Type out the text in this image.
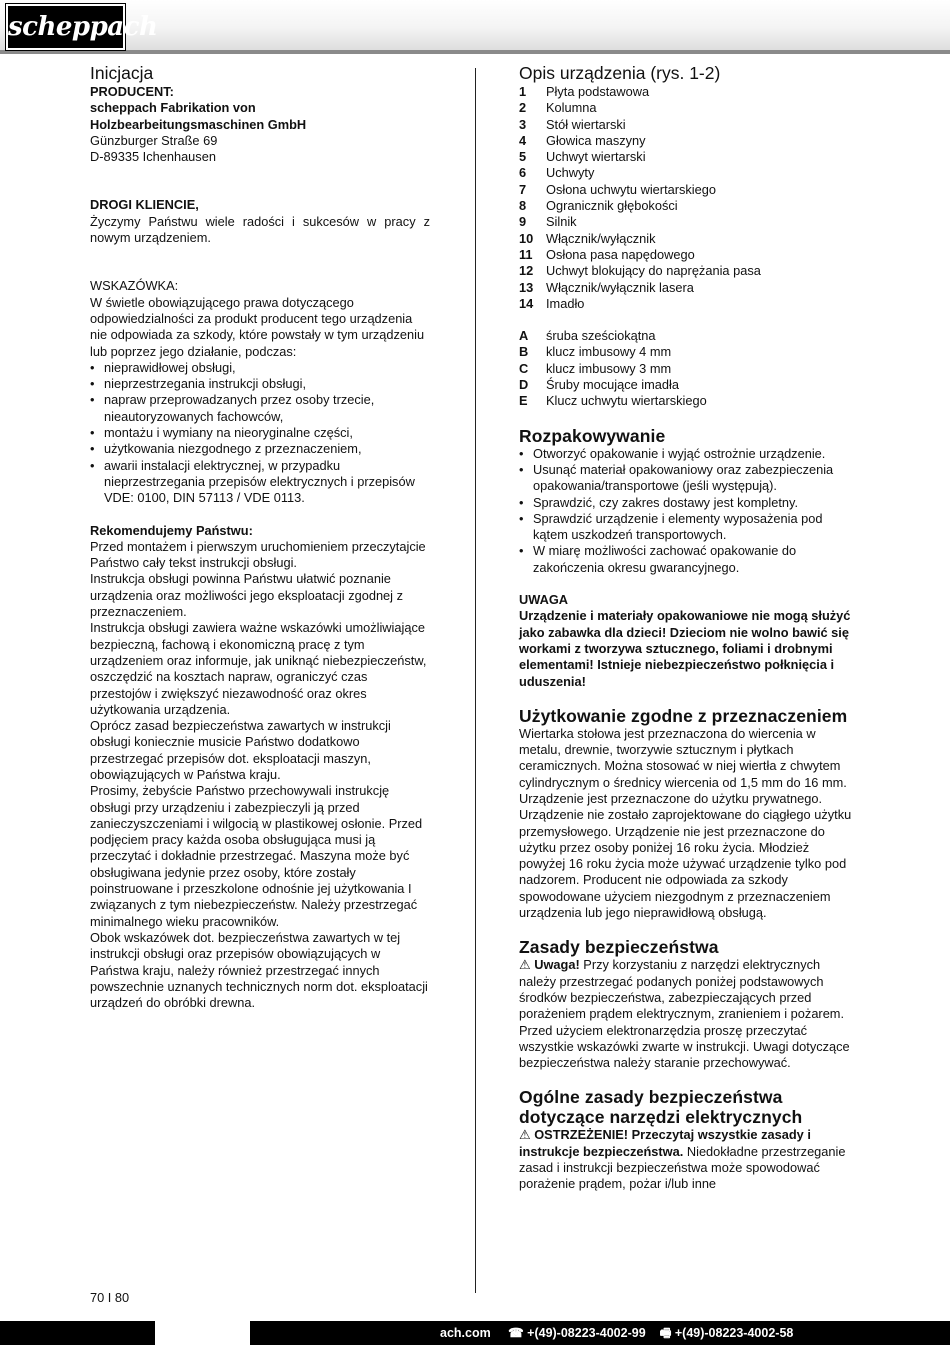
scheppach
Inicjacja

PRODUCENT:

scheppach Fabrikation von

Holzbearbeitungsmaschinen GmbH

Günzburger Straße 69

D-89335 Ichenhausen

DROGI KLIENCIE,

Życzymy Państwu wiele radości i sukcesów w pracy z nowym urządzeniem.

WSKAZÓWKA:

W świetle obowiązującego prawa dotyczącego odpowiedzialności za produkt producent tego urządzenia nie odpowiada za szkody, które powstały w tym urządzeniu lub poprzez jego działanie, podczas:

• nieprawidłowej obsługi,
• nieprzestrzegania instrukcji obsługi,
• napraw przeprowadzanych przez osoby trzecie, nieautoryzowanych fachowców,
• montażu i wymiany na nieoryginalne części,
• użytkowania niezgodnego z przeznaczeniem,
• awarii instalacji elektrycznej, w przypadku nieprzestrzegania przepisów elektrycznych i przepisów VDE: 0100, DIN 57113 / VDE 0113.

Rekomendujemy Państwu:

Przed montażem i pierwszym uruchomieniem przeczytajcie Państwo cały tekst instrukcji obsługi.

Instrukcja obsługi powinna Państwu ułatwić poznanie urządzenia oraz możliwości jego eksploatacji zgodnej z przeznaczeniem.

Instrukcja obsługi zawiera ważne wskazówki umożliwiające bezpieczną, fachową i ekonomiczną pracę z tym urządzeniem oraz informuje, jak uniknąć niebezpieczeństw, oszczędzić na kosztach napraw, ograniczyć czas przestojów i zwiększyć niezawodność oraz okres użytkowania urządzenia.

Oprócz zasad bezpieczeństwa zawartych w instrukcji obsługi koniecznie musicie Państwo dodatkowo przestrzegać przepisów dot. eksploatacji maszyn, obowiązujących w Państwa kraju.

Prosimy, żebyście Państwo przechowywali instrukcję obsługi przy urządzeniu i zabezpieczyli ją przed zanieczyszczeniami i wilgocią w plastikowej osłonie. Przed podjęciem pracy każda osoba obsługująca musi ją przeczytać i dokładnie przestrzegać. Maszyna może być obsługiwana jedynie przez osoby, które zostały poinstruowane i przeszkolone odnośnie jej użytkowania I związanych z tym niebezpieczeństw. Należy przestrzegać minimalnego wieku pracowników.

Obok wskazówek dot. bezpieczeństwa zawartych w tej instrukcji obsługi oraz przepisów obowiązujących w Państwa kraju, należy również przestrzegać innych powszechnie uznanych technicznych norm dot. eksploatacji urządzeń do obróbki drewna.

Opis urządzenia (rys. 1-2)
1	Płyta podstawowa
2	Kolumna
3	Stół wiertarski
4	Głowica maszyny
5	Uchwyt wiertarski
6	Uchwyty
7	Osłona uchwytu wiertarskiego
8	Ogranicznik głębokości
9	Silnik
10 Włącznik/wyłącznik
11	Osłona pasa napędowego
12 Uchwyt blokujący do naprężania pasa
13 Włącznik/wyłącznik lasera
14 Imadło
A	śruba sześciokątna
B	klucz imbusowy 4 mm
C	klucz imbusowy 3 mm
D	Śruby mocujące imadła
E	Klucz uchwytu wiertarskiego
Rozpakowywanie
• Otworzyć opakowanie i wyjąć ostrożnie urządzenie.
• Usunąć materiał opakowaniowy oraz zabezpieczenia opakowania/transportowe (jeśli występują).
• Sprawdzić, czy zakres dostawy jest kompletny.
• Sprawdzić urządzenie i elementy wyposażenia pod kątem uszkodzeń transportowych.
• W miarę możliwości zachować opakowanie do zakończenia okresu gwarancyjnego.

UWAGA

Urządzenie i materiały opakowaniowe nie mogą służyć jako zabawka dla dzieci! Dzieciom nie wolno bawić się workami z tworzywa sztucznego, foliami i drobnymi elementami! Istnieje niebezpieczeństwo połknięcia i uduszenia!

Użytkowanie zgodne z przeznaczeniem

Wiertarka stołowa jest przeznaczona do wiercenia w metalu, drewnie, tworzywie sztucznym i płytkach ceramicznych. Można stosować w niej wiertła z chwytem cylindrycznym o średnicy wiercenia od 1,5 mm do 16 mm. Urządzenie jest przeznaczone do użytku prywatnego. Urządzenie nie zostało zaprojektowane do ciągłego użytku przemysłowego. Urządzenie nie jest przeznaczone do użytku przez osoby poniżej 16 roku życia. Młodzież powyżej 16 roku życia może używać urządzenie tylko pod nadzorem. Producent nie odpowiada za szkody spowodowane użyciem niezgodnym z przeznaczeniem urządzenia lub jego nieprawidłową obsługą.

Zasady bezpieczeństwa

⚠ Uwaga! Przy korzystaniu z narzędzi elektrycznych należy przestrzegać podanych poniżej podstawowych środków bezpieczeństwa, zabezpieczających przed porażeniem prądem elektrycznym, zranieniem i pożarem. Przed użyciem elektronarzędzia proszę przeczytać wszystkie wskazówki zwarte w instrukcji. Uwagi dotyczące bezpieczeństwa należy staranie przechowywać.

Ogólne zasady bezpieczeństwa dotyczące narzędzi elektrycznych

⚠ OSTRZEŻENIE! Przeczytaj wszystkie zasady i instrukcje bezpieczeństwa. Niedokładne przestrzeganie zasad i instrukcji bezpieczeństwa może spowodować porażenie prądem, pożar i/lub inne

70 I 80
ach.com ☎ +(49)-08223-4002-99 🖷 +(49)-08223-4002-58
